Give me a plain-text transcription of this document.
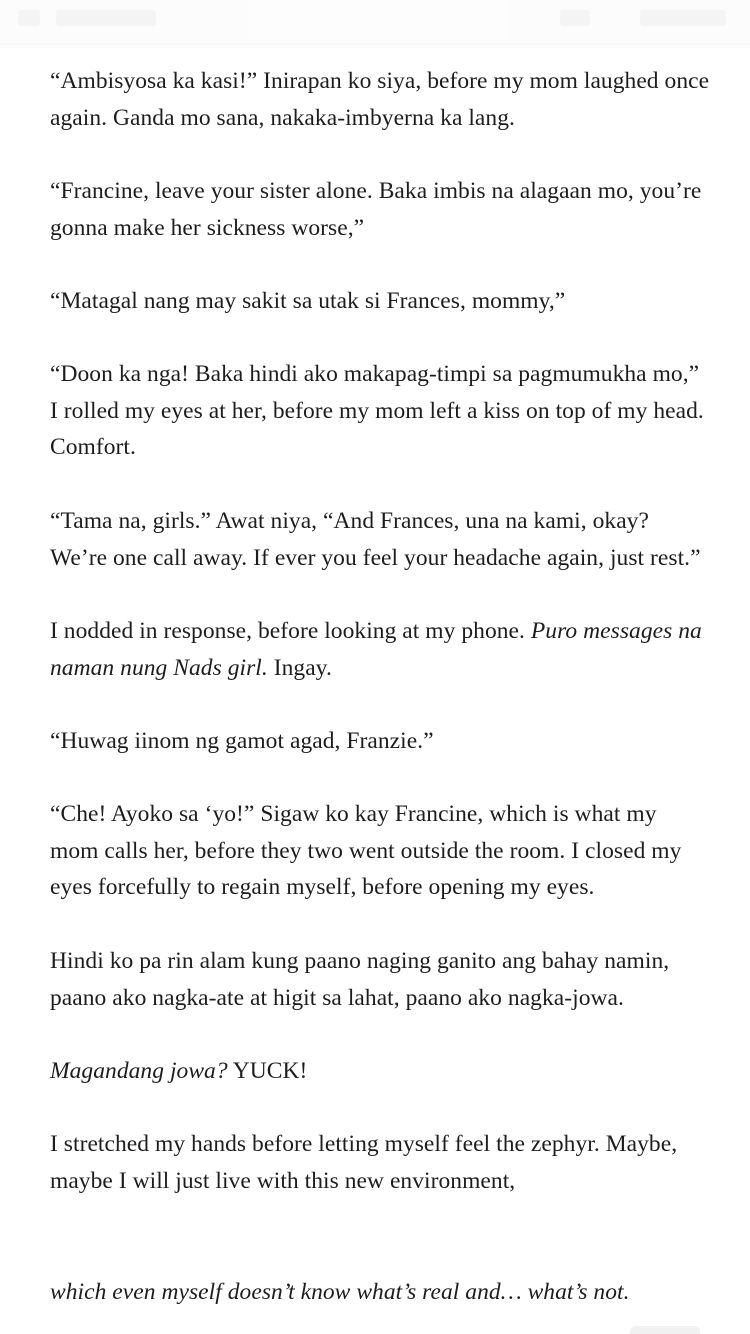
“Ambisyosa ka kasi!” Inirapan ko siya, before my mom laughed once again. Ganda mo sana, nakaka-imbyerna ka lang.

“Francine, leave your sister alone. Baka imbis na alagaan mo, you’re gonna make her sickness worse,”

“Matagal nang may sakit sa utak si Frances, mommy,”

“Doon ka nga! Baka hindi ako makapag-timpi sa pagmumukha mo,” I rolled my eyes at her, before my mom left a kiss on top of my head. Comfort.

“Tama na, girls.” Awat niya, “And Frances, una na kami, okay? We’re one call away. If ever you feel your headache again, just rest.”

I nodded in response, before looking at my phone. Puro messages na naman nung Nads girl. Ingay.

“Huwag iinom ng gamot agad, Franzie.”

“Che! Ayoko sa ‘yo!” Sigaw ko kay Francine, which is what my mom calls her, before they two went outside the room. I closed my eyes forcefully to regain myself, before opening my eyes.

Hindi ko pa rin alam kung paano naging ganito ang bahay namin, paano ako nagka-ate at higit sa lahat, paano ako nagka-jowa.

Magandang jowa? YUCK!

I stretched my hands before letting myself feel the zephyr. Maybe, maybe I will just live with this new environment,

which even myself doesn’t know what’s real and… what’s not.
